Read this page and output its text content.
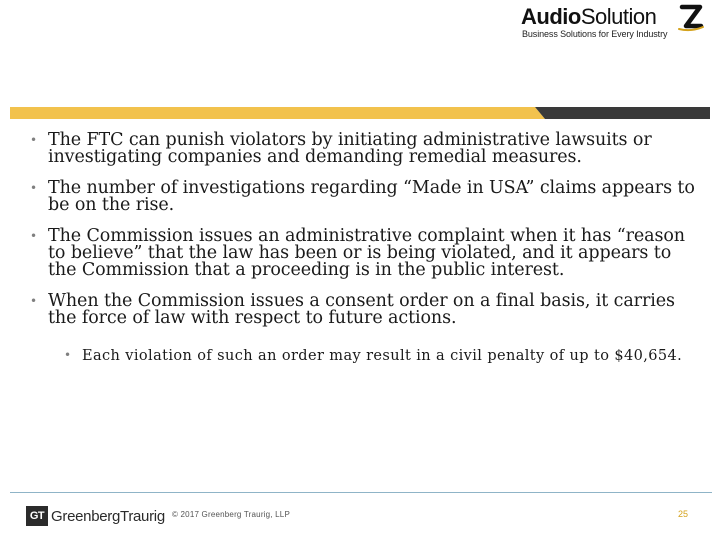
AudioSolution
Business Solutions for Every Industry
• The FTC can punish violators by initiating administrative lawsuits or investigating companies and demanding remedial measures.
• The number of investigations regarding “Made in USA” claims appears to be on the rise.
• The Commission issues an administrative complaint when it has “reason to believe” that the law has been or is being violated, and it appears to the Commission that a proceeding is in the public interest.
• When the Commission issues a consent order on a final basis, it carries the force of law with respect to future actions.
• Each violation of such an order may result in a civil penalty of up to $40,654.
GT GreenbergTraurig © 2017 Greenberg Traurig, LLP	25
